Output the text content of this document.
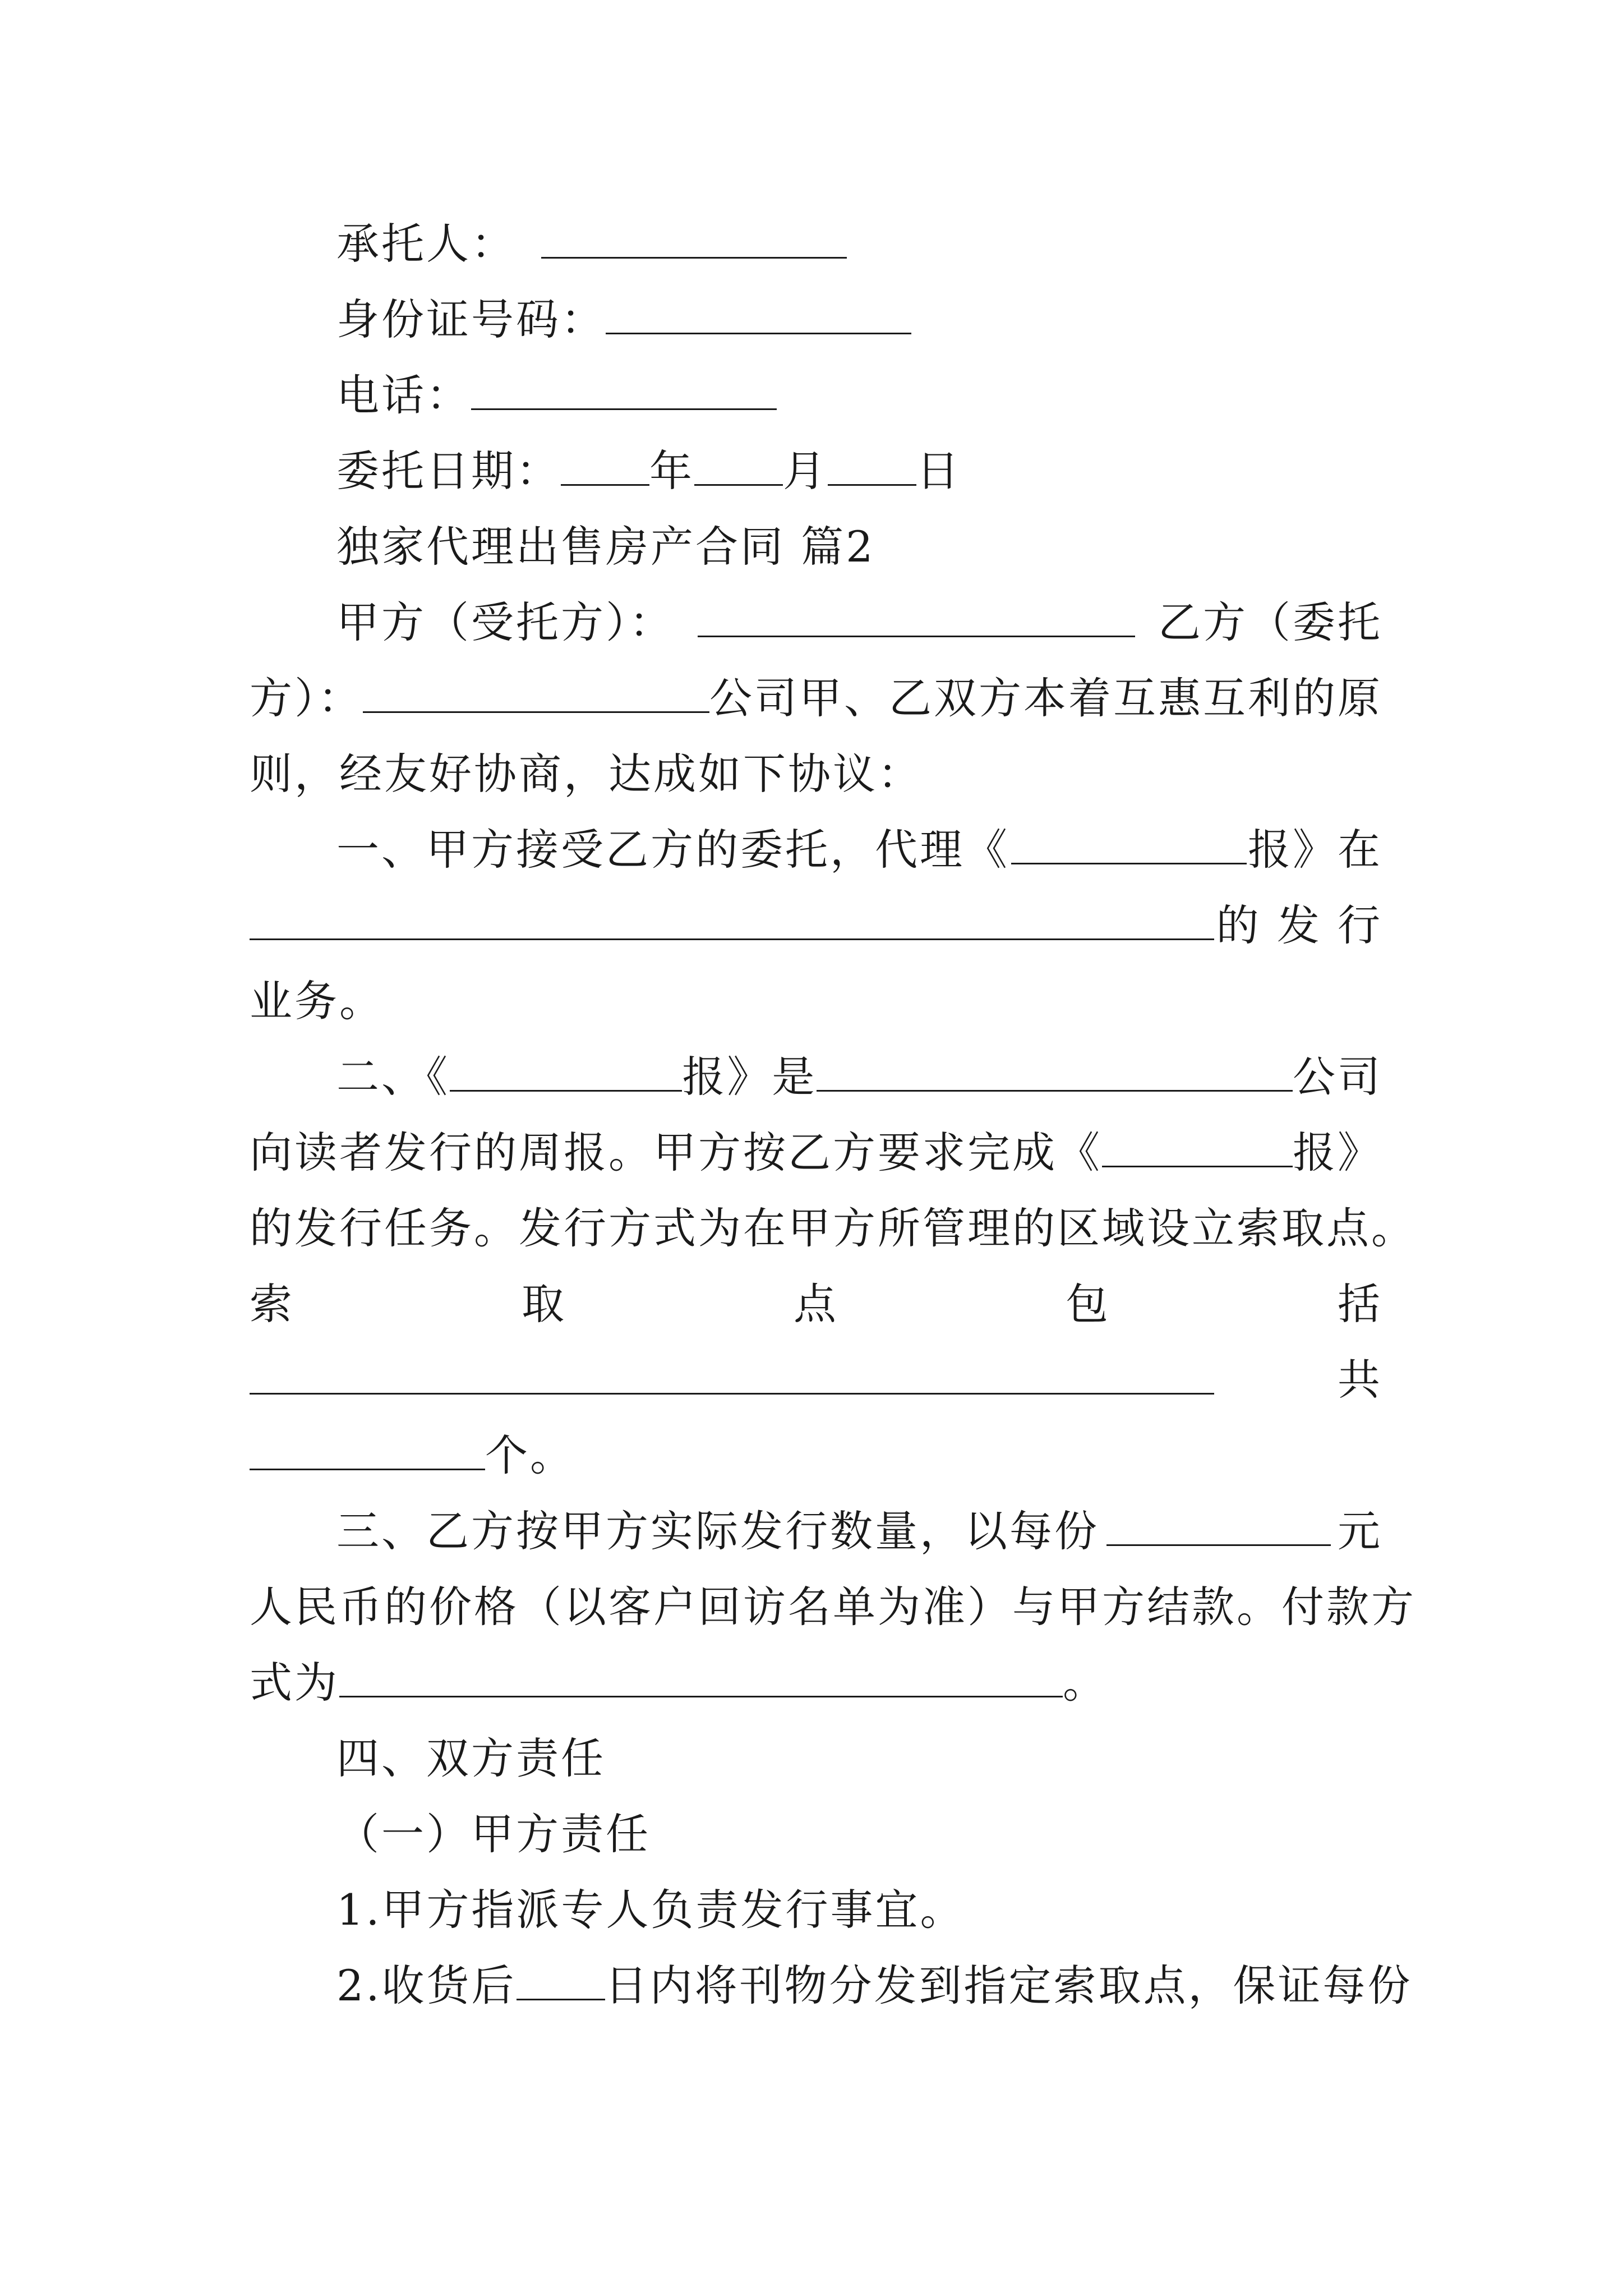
承托人：
身份证号码：
电话：
委托日期： 年 月 日
独家代理出售房产合同 篇2
甲方（受托方）：	乙方（委托
方）：	公司甲、乙双方本着互惠互利的原
则，经友好协商，达成如下协议：
一、甲方接受乙方的委托，代理《	报》在
的 发 行
业务。
二、《	报》是	公司
向读者发行的周报。甲方按乙方要求完成《	报》
的发行任务。发行方式为在甲方所管理的区域设立索取点。
索	取	点	包	括
共
个。
三、乙方按甲方实际发行数量，以每份	元
人民币的价格（以客户回访名单为准）与甲方结款。付款方
式为	。
四、双方责任
（一）甲方责任
1.甲方指派专人负责发行事宜。
2.收货后 日内将刊物分发到指定索取点，保证每份
